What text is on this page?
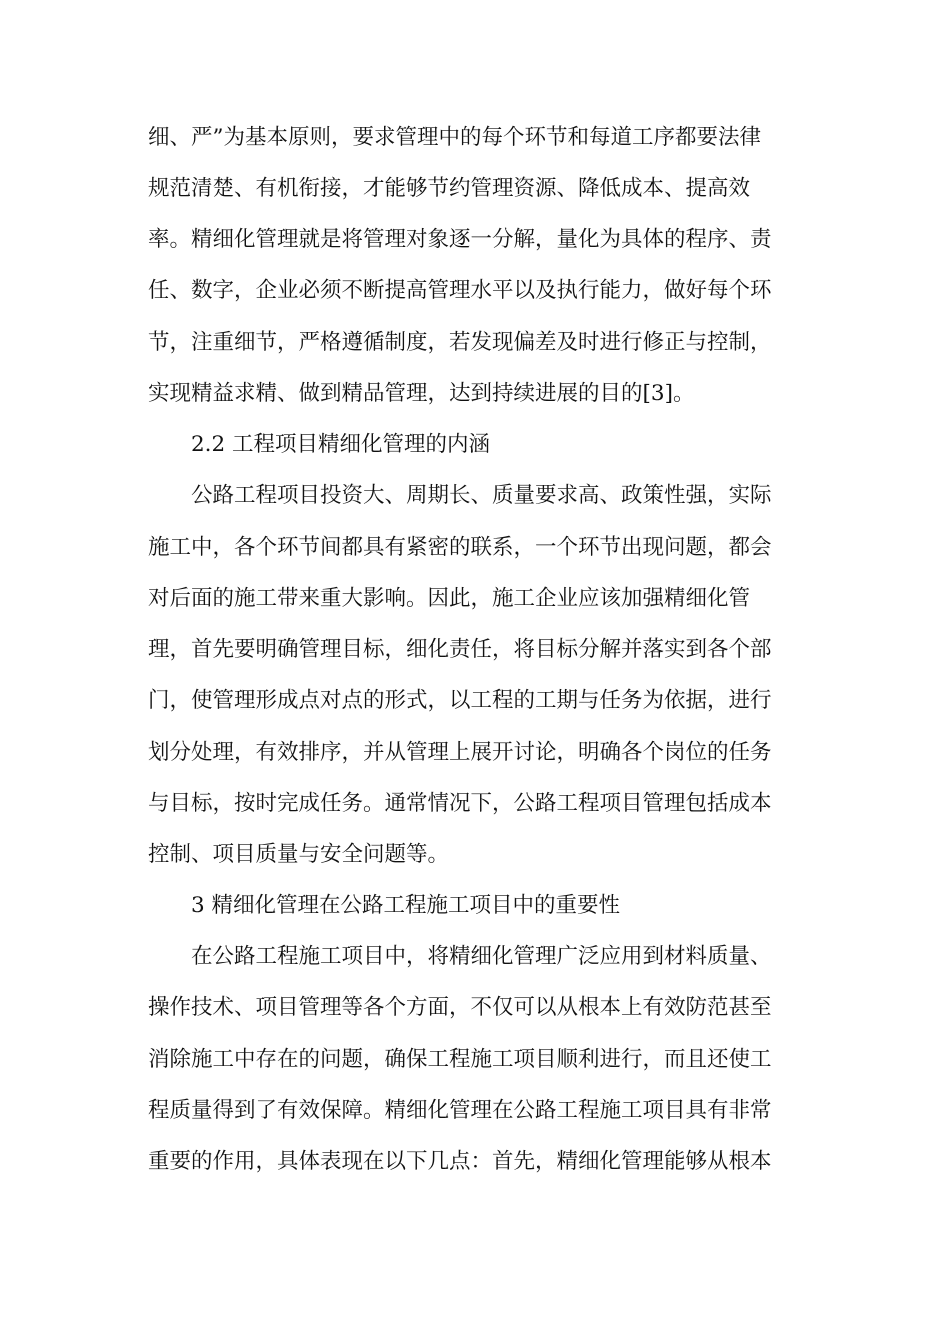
细、严”为基本原则，要求管理中的每个环节和每道工序都要法律
规范清楚、有机衔接，才能够节约管理资源、降低成本、提高效
率。精细化管理就是将管理对象逐一分解，量化为具体的程序、责
任、数字，企业必须不断提高管理水平以及执行能力，做好每个环
节，注重细节，严格遵循制度，若发现偏差及时进行修正与控制，
实现精益求精、做到精品管理，达到持续进展的目的[3]。
2.2 工程项目精细化管理的内涵
公路工程项目投资大、周期长、质量要求高、政策性强，实际
施工中，各个环节间都具有紧密的联系，一个环节出现问题，都会
对后面的施工带来重大影响。因此，施工企业应该加强精细化管
理，首先要明确管理目标，细化责任，将目标分解并落实到各个部
门，使管理形成点对点的形式，以工程的工期与任务为依据，进行
划分处理，有效排序，并从管理上展开讨论，明确各个岗位的任务
与目标，按时完成任务。通常情况下，公路工程项目管理包括成本
控制、项目质量与安全问题等。
3 精细化管理在公路工程施工项目中的重要性
在公路工程施工项目中，将精细化管理广泛应用到材料质量、
操作技术、项目管理等各个方面，不仅可以从根本上有效防范甚至
消除施工中存在的问题，确保工程施工项目顺利进行，而且还使工
程质量得到了有效保障。精细化管理在公路工程施工项目具有非常
重要的作用，具体表现在以下几点：首先，精细化管理能够从根本
